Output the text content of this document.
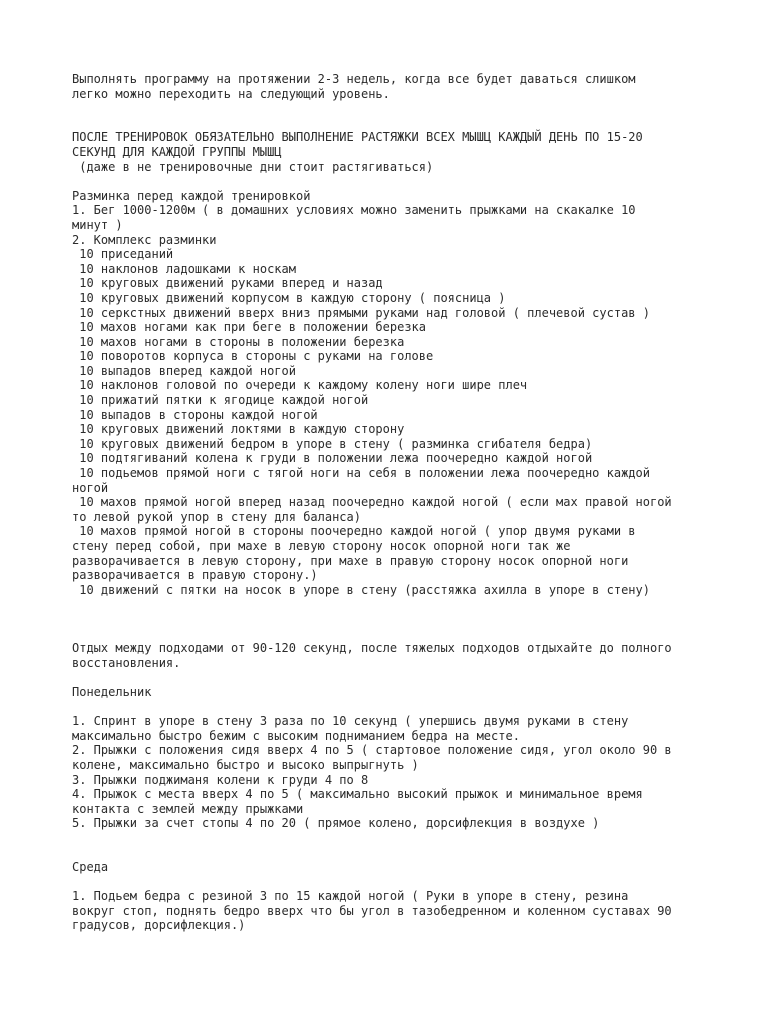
Выполнять программу на протяжении 2-3 недель, когда все будет даваться слишком
легко можно переходить на следующий уровень.
ПОСЛЕ ТРЕНИРОВОК ОБЯЗАТЕЛЬНО ВЫПОЛНЕНИЕ РАСТЯЖКИ ВСЕХ МЫШЦ КАЖДЫЙ ДЕНЬ ПО 15-20
СЕКУНД ДЛЯ КАЖДОЙ ГРУППЫ МЫШЦ
(даже в не тренировочные дни стоит растягиваться)
Разминка перед каждой тренировкой
1. Бег 1000-1200м ( в домашних условиях можно заменить прыжками на скакалке 10
минут )
2. Комплекс разминки
10 приседаний
10 наклонов ладошками к носкам
10 круговых движений руками вперед и назад
10 круговых движений корпусом в каждую сторону ( поясница )
10 серкстных движений вверх вниз прямыми руками над головой ( плечевой сустав )
10 махов ногами как при беге в положении березка
10 махов ногами в стороны в положении березка
10 поворотов корпуса в стороны с руками на голове
10 выпадов вперед каждой ногой
10 наклонов головой по очереди к каждому колену ноги шире плеч
10 прижатий пятки к ягодице каждой ногой
10 выпадов в стороны каждой ногой
10 круговых движений локтями в каждую сторону
10 круговых движений бедром в упоре в стену ( разминка сгибателя бедра)
10 подтягиваний колена к груди в положении лежа поочередно каждой ногой
10 подьемов прямой ноги с тягой ноги на себя в положении лежа поочередно каждой
ногой
10 махов прямой ногой вперед назад поочередно каждой ногой ( если мах правой ногой
то левой рукой упор в стену для баланса)
10 махов прямой ногой в стороны поочередно каждой ногой ( упор двумя руками в
стену перед собой, при махе в левую сторону носок опорной ноги так же
разворачивается в левую сторону, при махе в правую сторону носок опорной ноги
разворачивается в правую сторону.)
10 движений с пятки на носок в упоре в стену (расстяжка ахилла в упоре в стену)
Отдых между подходами от 90-120 секунд, после тяжелых подходов отдыхайте до полного
восстановления.
Понедельник
1. Спринт в упоре в стену 3 раза по 10 секунд ( упершись двумя руками в стену
максимально быстро бежим с высоким подниманием бедра на месте.
2. Прыжки с положения сидя вверх 4 по 5 ( стартовое положение сидя, угол около 90 в
колене, максимально быстро и высоко выпрыгнуть )
3. Прыжки поджиманя колени к груди 4 по 8
4. Прыжок с места вверх 4 по 5 ( максимально высокий прыжок и минимальное время
контакта с землей между прыжками
5. Прыжки за счет стопы 4 по 20 ( прямое колено, дорсифлекция в воздухе )
Среда
1. Подьем бедра с резиной 3 по 15 каждой ногой ( Руки в упоре в стену, резина
вокруг стоп, поднять бедро вверх что бы угол в тазобедренном и коленном суставах 90
градусов, дорсифлекция.)
